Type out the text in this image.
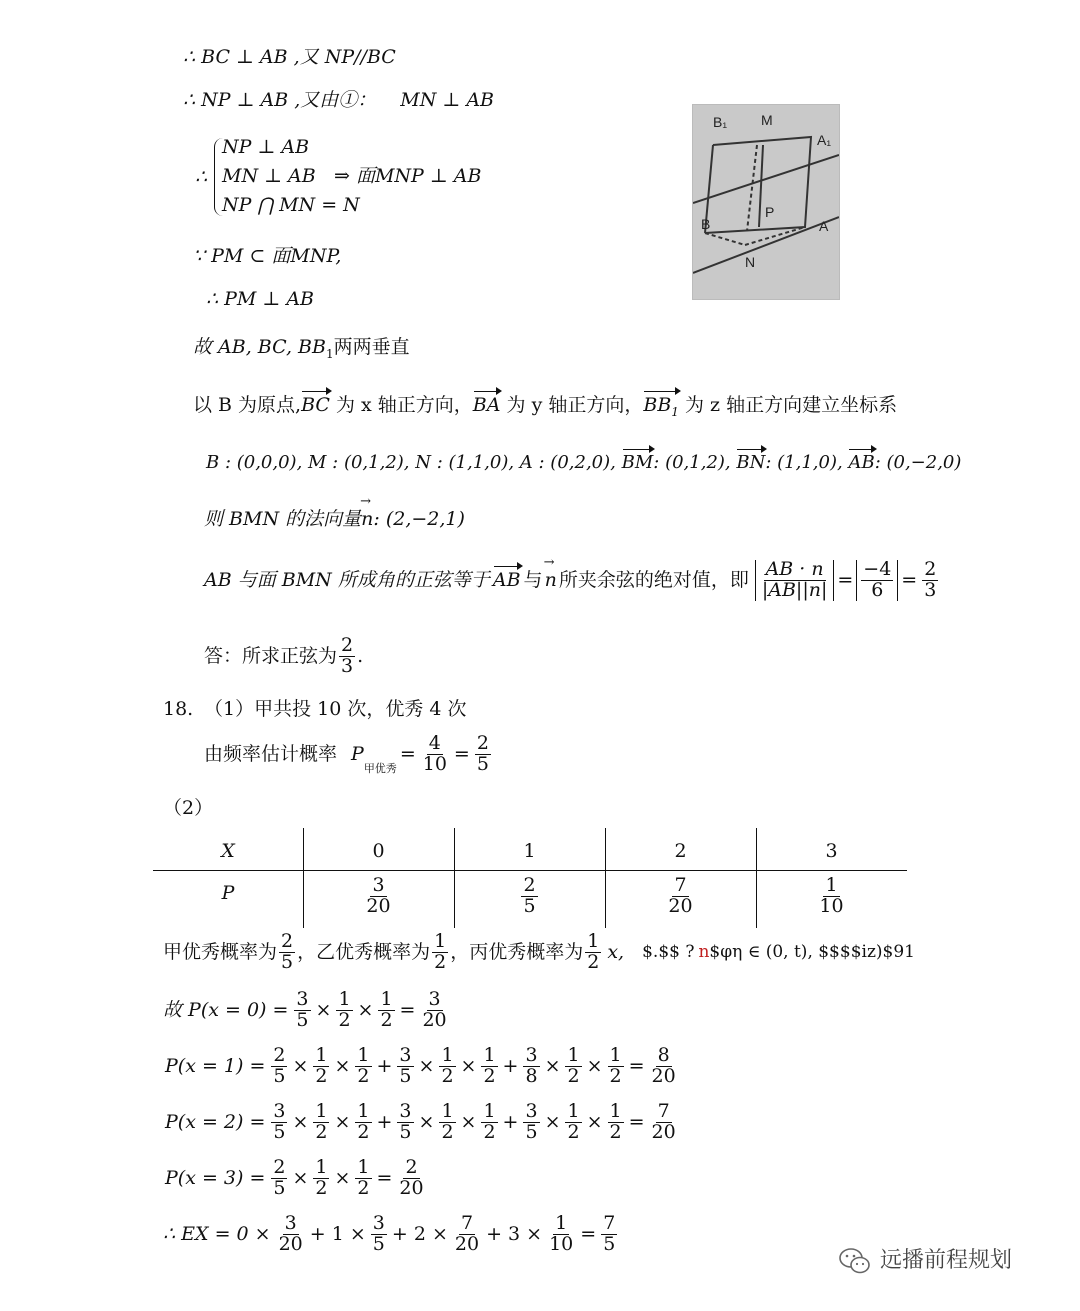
∴ BC ⊥ AB ,又 NP//BC
∴ NP ⊥ AB ,又由①： MN ⊥ AB
∴
NP ⊥ AB
MN ⊥ AB
NP ⋂ MN = N
⇒ 面MNP ⊥ AB
B₁ M
A₁
B
P
A
N
∵ PM ⊂ 面MNP,
∴ PM ⊥ AB
故 AB, BC, $BB_1$两两垂直
以 B 为原点,BC 为 x 轴正方向，BA 为 y 轴正方向，$BB_1$ 为 z 轴正方向建立坐标系
B : (0,0,0), M : (0,1,2), N : (1,1,0), A : (0,2,0), BM: (0,1,2), BN: (1,1,0), AB: (0,−2,0)
则 BMN 的法向量n →: (2,−2,1)
AB 与面 BMN 所成角的正弦等于 AB 与 n → 所夹余弦的绝对值，即 $\frac{AB \cdot n}{|AB||n|} = \frac{-4}{6} = \frac{2}{3}$
答：所求正弦为 $\frac{2}{3}$ .
18. （1）甲共投 10 次，优秀 4 次
由频率估计概率 P
$_{甲优秀}$
= $\frac{4}{10} = \frac{2}{5}$
（2）
X	0	1	2	3
P	$\frac{3}{20}$	$\frac{2}{5}$	$\frac{7}{20}$	$\frac{1}{10}$
甲优秀概率为 $\frac{2}{5}$ ，乙优秀概率为 $\frac{1}{2}$ ，丙优秀概率为 $\frac{1}{2} x$, $.$$ ? n $φη ∈ (0, t), $$$$iz)$91
故 $P(x = 0) = \frac{3}{5} \times \frac{1}{2} \times \frac{1}{2} = \frac{3}{20}$
$P(x = 1) = \frac{2}{5} \times \frac{1}{2} \times \frac{1}{2} + \frac{3}{5} \times \frac{1}{2} \times \frac{1}{2} + \frac{3}{8} \times \frac{1}{2} \times \frac{1}{2} = \frac{8}{20}$
$P(x = 2) = \frac{3}{5} \times \frac{1}{2} \times \frac{1}{2} + \frac{3}{5} \times \frac{1}{2} \times \frac{1}{2} + \frac{3}{5} \times \frac{1}{2} \times \frac{1}{2} = \frac{7}{20}$
$P(x = 3) = \frac{2}{5} \times \frac{1}{2} \times \frac{1}{2} = \frac{2}{20}$
∴ EX = $0 \times \frac{3}{20} + 1 \times \frac{3}{5} + 2 \times \frac{7}{20} + 3 \times \frac{1}{10} = \frac{7}{5}$
远播前程规划
